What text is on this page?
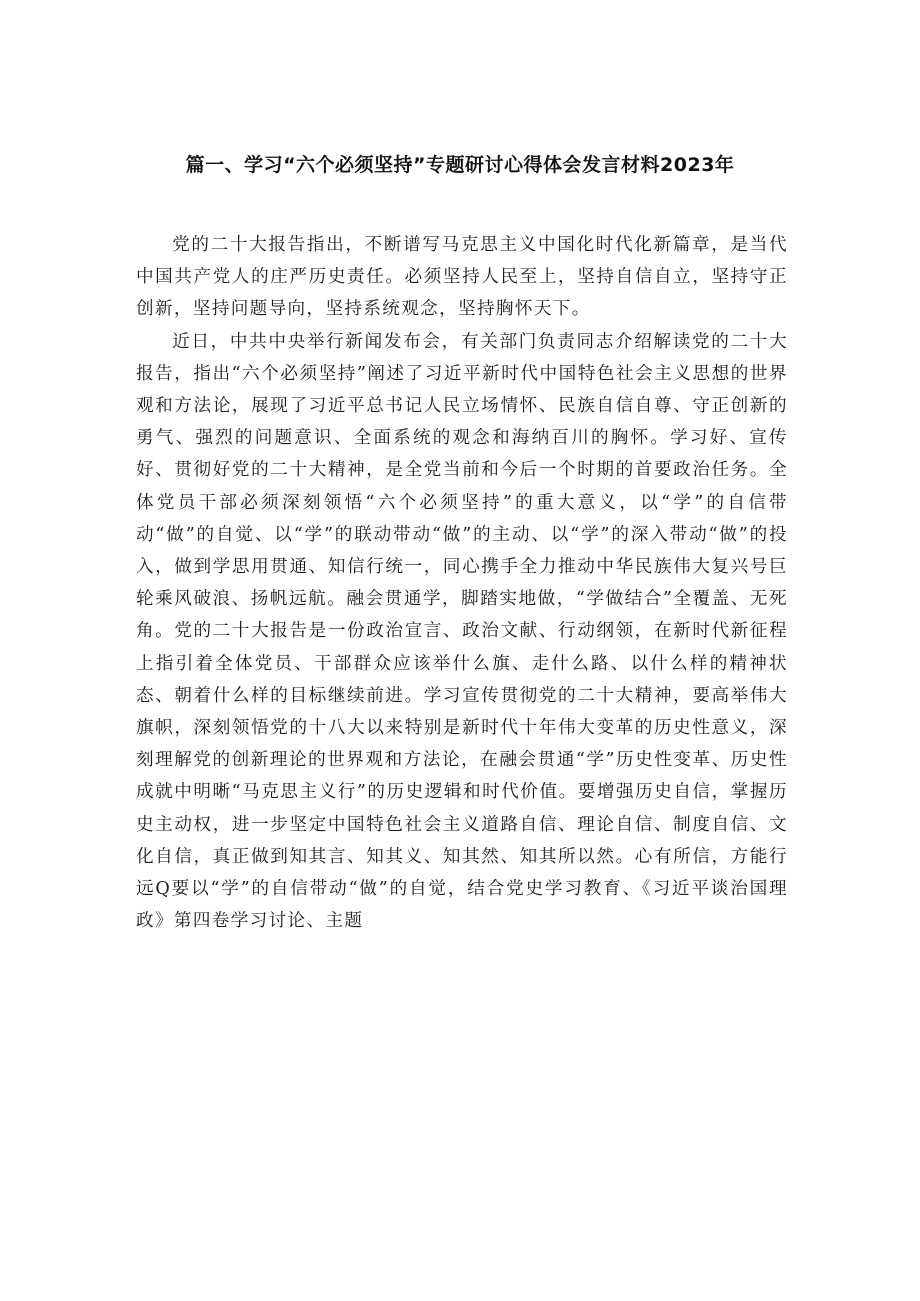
篇一、学习“六个必须坚持”专题研讨心得体会发言材料2023年

党的二十大报告指出，不断谱写马克思主义中国化时代化新篇章，是当代中国共产党人的庄严历史责任。必须坚持人民至上，坚持自信自立，坚持守正创新，坚持问题导向，坚持系统观念，坚持胸怀天下。

近日，中共中央举行新闻发布会，有关部门负责同志介绍解读党的二十大报告，指出“六个必须坚持”阐述了习近平新时代中国特色社会主义思想的世界观和方法论，展现了习近平总书记人民立场情怀、民族自信自尊、守正创新的勇气、强烈的问题意识、全面系统的观念和海纳百川的胸怀。学习好、宣传好、贯彻好党的二十大精神，是全党当前和今后一个时期的首要政治任务。全体党员干部必须深刻领悟“六个必须坚持”的重大意义，以“学”的自信带动“做”的自觉、以“学”的联动带动“做”的主动、以“学”的深入带动“做”的投入，做到学思用贯通、知信行统一，同心携手全力推动中华民族伟大复兴号巨轮乘风破浪、扬帆远航。融会贯通学，脚踏实地做，“学做结合”全覆盖、无死角。党的二十大报告是一份政治宣言、政治文献、行动纲领，在新时代新征程上指引着全体党员、干部群众应该举什么旗、走什么路、以什么样的精神状态、朝着什么样的目标继续前进。学习宣传贯彻党的二十大精神，要高举伟大旗帜，深刻领悟党的十八大以来特别是新时代十年伟大变革的历史性意义，深刻理解党的创新理论的世界观和方法论，在融会贯通“学”历史性变革、历史性成就中明晰“马克思主义行”的历史逻辑和时代价值。要增强历史自信，掌握历史主动权，进一步坚定中国特色社会主义道路自信、理论自信、制度自信、文化自信，真正做到知其言、知其义、知其然、知其所以然。心有所信，方能行远Q要以“学”的自信带动“做”的自觉，结合党史学习教育、《习近平谈治国理政》第四卷学习讨论、主题
